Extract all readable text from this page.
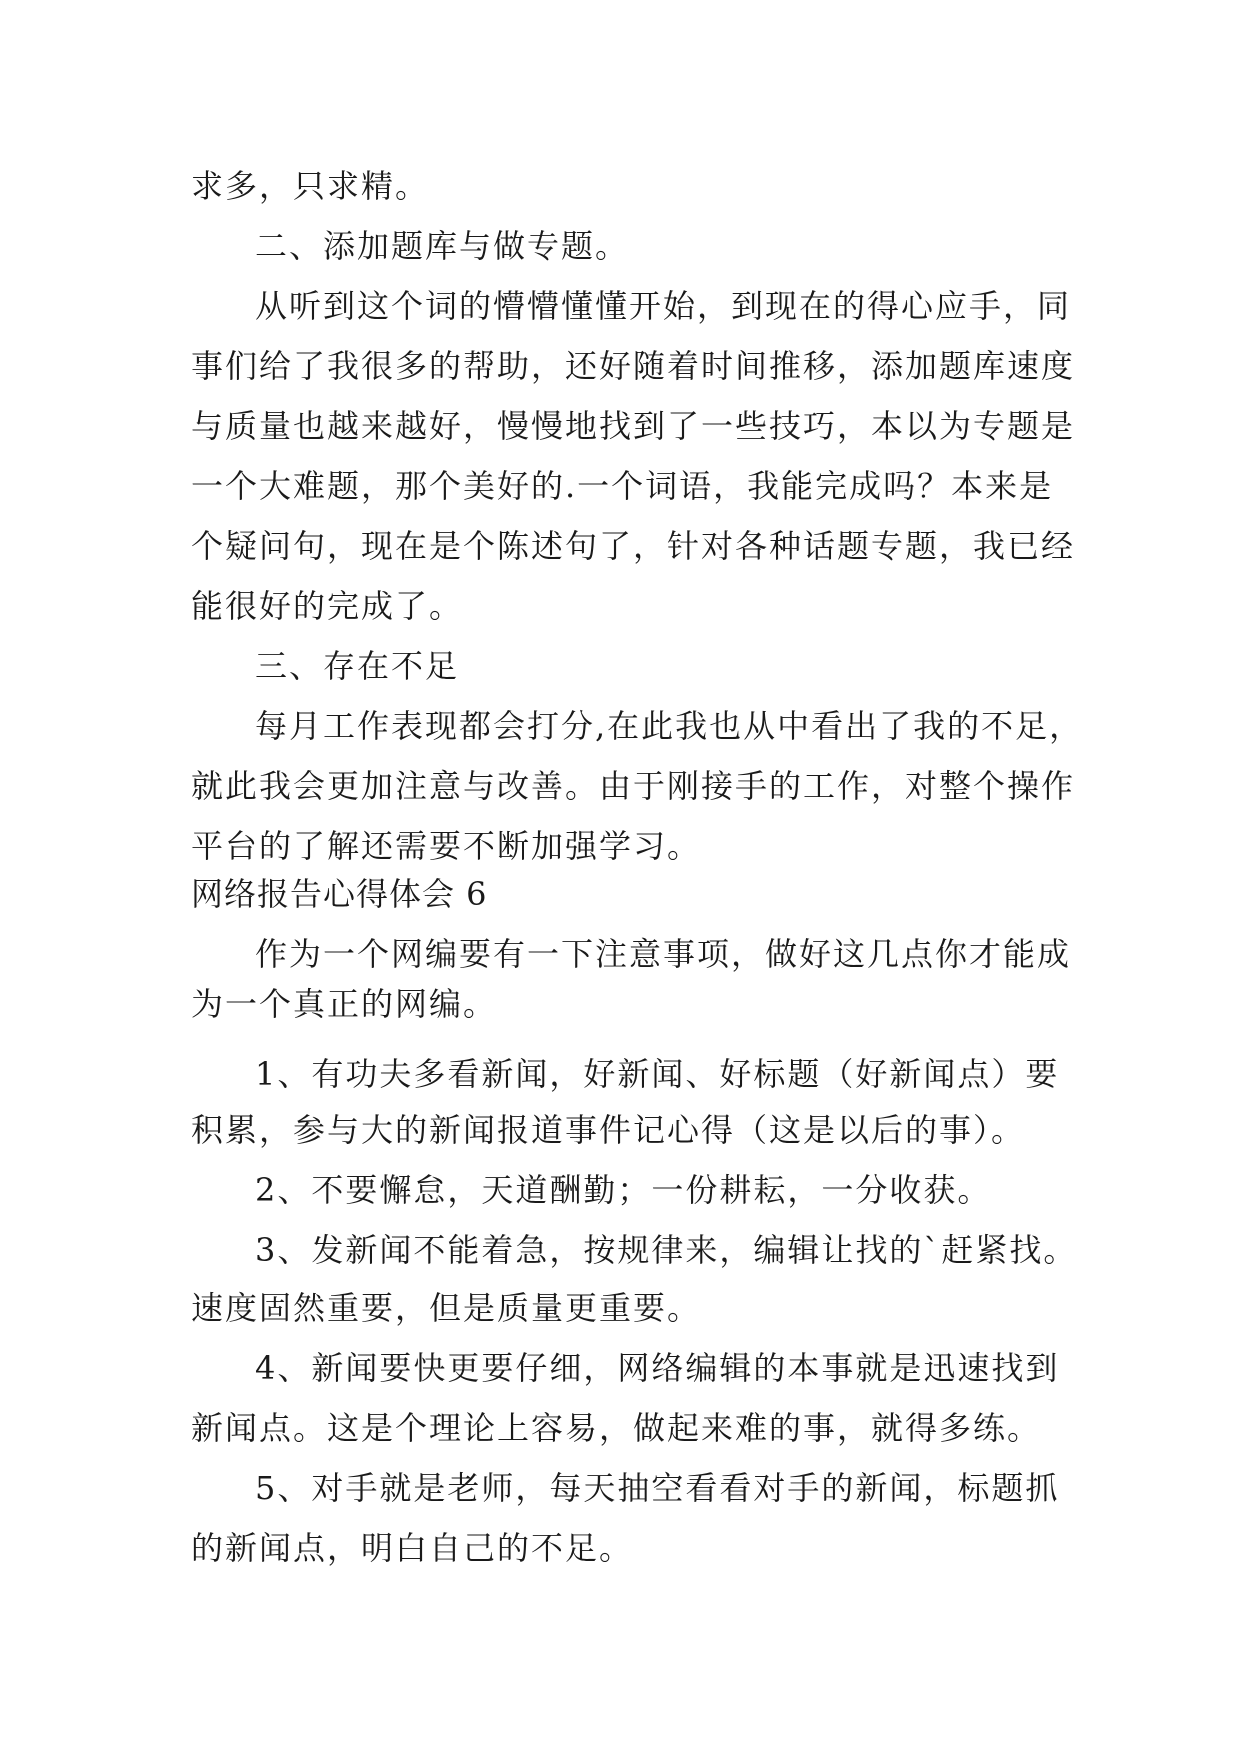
求多，只求精。
二、添加题库与做专题。
从听到这个词的懵懵懂懂开始，到现在的得心应手，同
事们给了我很多的帮助，还好随着时间推移，添加题库速度
与质量也越来越好，慢慢地找到了一些技巧，本以为专题是
一个大难题，那个美好的.一个词语，我能完成吗？本来是
个疑问句，现在是个陈述句了，针对各种话题专题，我已经
能很好的完成了。
三、存在不足
每月工作表现都会打分,在此我也从中看出了我的不足，
就此我会更加注意与改善。由于刚接手的工作，对整个操作
平台的了解还需要不断加强学习。
网络报告心得体会 6
作为一个网编要有一下注意事项，做好这几点你才能成
为一个真正的网编。
1、有功夫多看新闻，好新闻、好标题（好新闻点）要
积累，参与大的新闻报道事件记心得（这是以后的事）。
2、不要懈怠，天道酬勤；一份耕耘，一分收获。
3、发新闻不能着急，按规律来，编辑让找的`赶紧找。
速度固然重要，但是质量更重要。
4、新闻要快更要仔细，网络编辑的本事就是迅速找到
新闻点。这是个理论上容易，做起来难的事，就得多练。
5、对手就是老师，每天抽空看看对手的新闻，标题抓
的新闻点，明白自己的不足。
